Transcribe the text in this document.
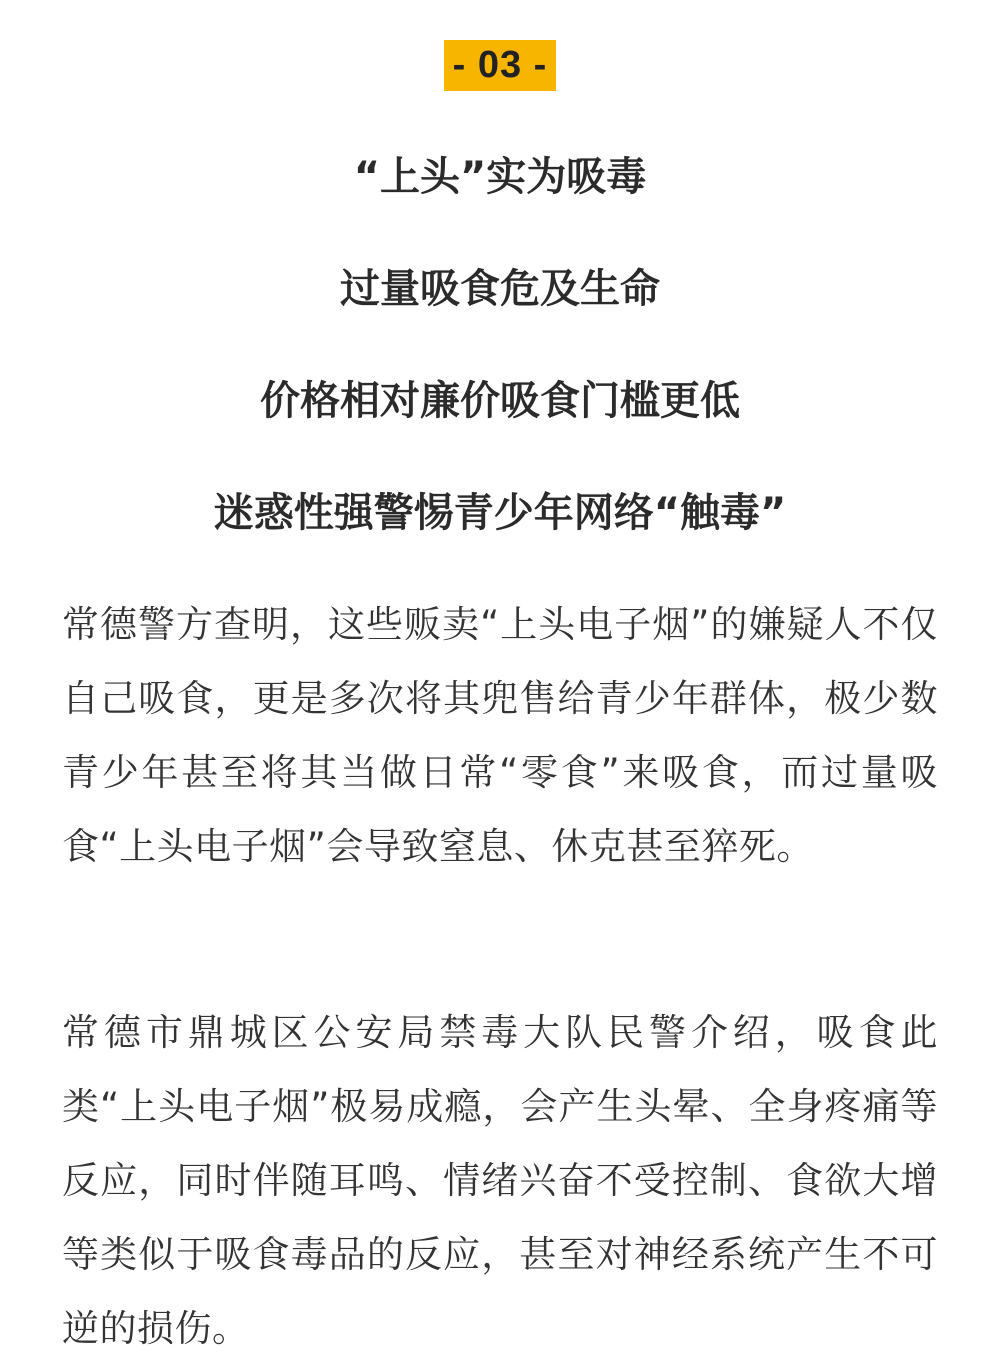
- 03 -
“上头”实为吸毒
过量吸食危及生命
价格相对廉价吸食门槛更低
迷惑性强警惕青少年网络“触毒”

常德警方查明，这些贩卖“上头电子烟”的嫌疑人不仅自己吸食，更是多次将其兜售给青少年群体，极少数青少年甚至将其当做日常“零食”来吸食，而过量吸食“上头电子烟”会导致窒息、休克甚至猝死。

常德市鼎城区公安局禁毒大队民警介绍，吸食此类“上头电子烟”极易成瘾，会产生头晕、全身疼痛等反应，同时伴随耳鸣、情绪兴奋不受控制、食欲大增等类似于吸食毒品的反应，甚至对神经系统产生不可逆的损伤。
